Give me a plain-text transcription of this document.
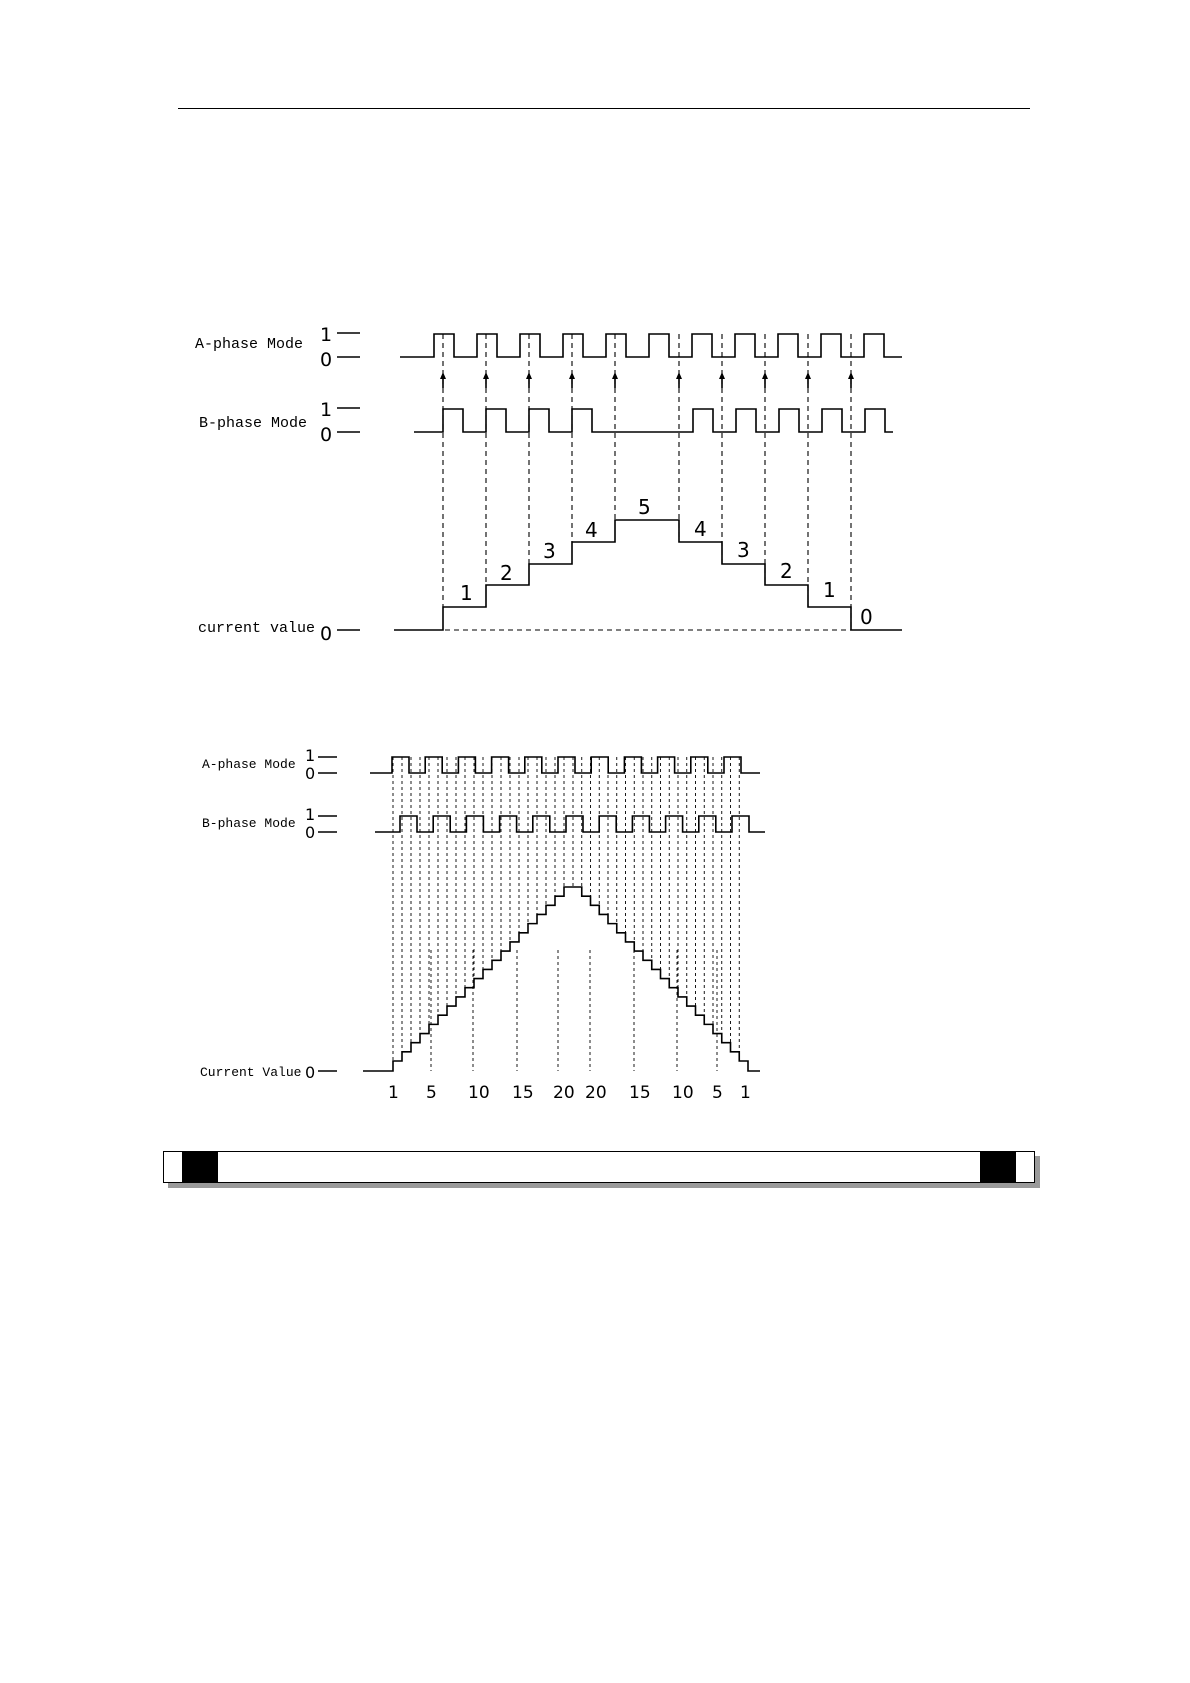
A-phase Mode
B-phase Mode
current value
1
0
1
0
0
1
2
3
4
5
4
3
2
1
0
A-phase Mode
B-phase Mode
Current Value
1
0
1
0
0
1 5 10 15 20 20 15 10 5 1
